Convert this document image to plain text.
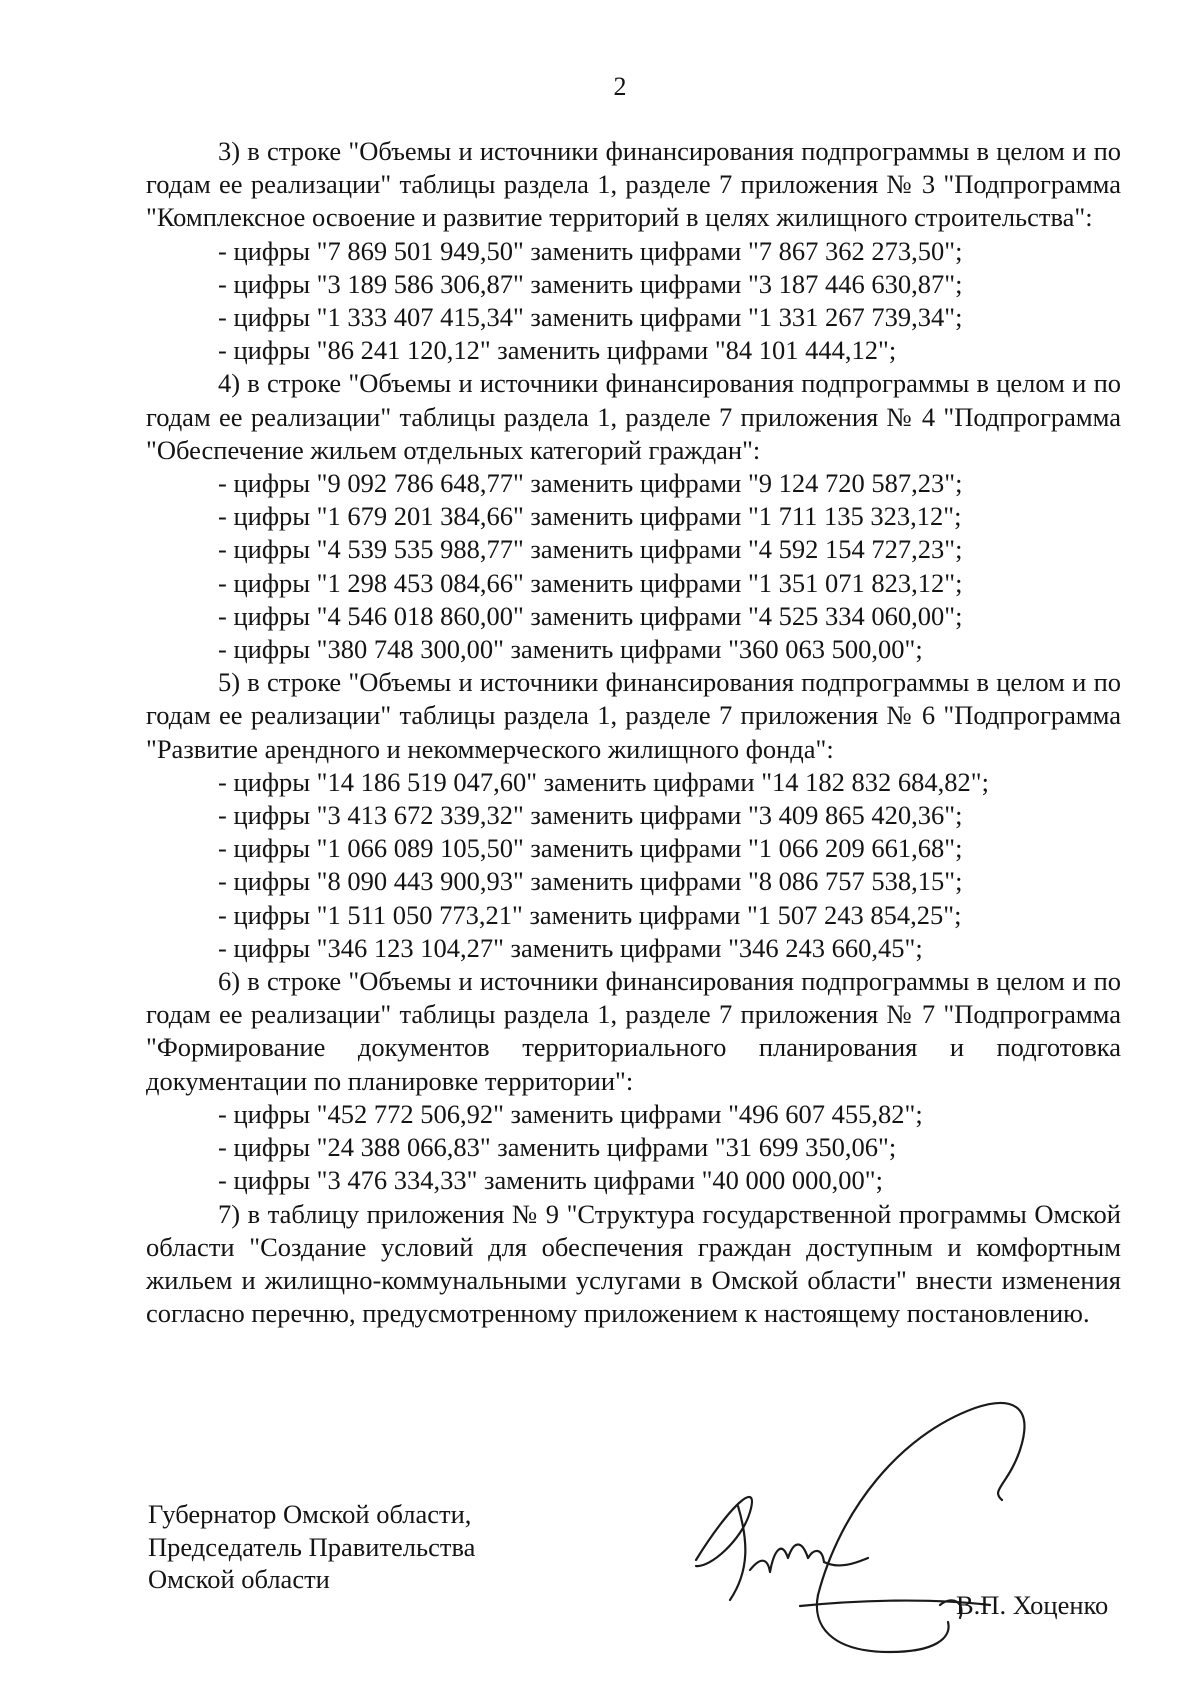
2

3) в строке "Объемы и источники финансирования подпрограммы в целом и по годам ее реализации" таблицы раздела 1, разделе 7 приложения № 3 "Подпрограмма "Комплексное освоение и развитие территорий в целях жилищного строительства":

- цифры "7 869 501 949,50" заменить цифрами "7 867 362 273,50";

- цифры "3 189 586 306,87" заменить цифрами "3 187 446 630,87";

- цифры "1 333 407 415,34" заменить цифрами "1 331 267 739,34";

- цифры "86 241 120,12" заменить цифрами "84 101 444,12";

4) в строке "Объемы и источники финансирования подпрограммы в целом и по годам ее реализации" таблицы раздела 1, разделе 7 приложения № 4 "Подпрограмма "Обеспечение жильем отдельных категорий граждан":

- цифры "9 092 786 648,77" заменить цифрами "9 124 720 587,23";

- цифры "1 679 201 384,66" заменить цифрами "1 711 135 323,12";

- цифры "4 539 535 988,77" заменить цифрами "4 592 154 727,23";

- цифры "1 298 453 084,66" заменить цифрами "1 351 071 823,12";

- цифры "4 546 018 860,00" заменить цифрами "4 525 334 060,00";

- цифры "380 748 300,00" заменить цифрами "360 063 500,00";

5) в строке "Объемы и источники финансирования подпрограммы в целом и по годам ее реализации" таблицы раздела 1, разделе 7 приложения № 6 "Подпрограмма "Развитие арендного и некоммерческого жилищного фонда":

- цифры "14 186 519 047,60" заменить цифрами "14 182 832 684,82";

- цифры "3 413 672 339,32" заменить цифрами "3 409 865 420,36";

- цифры "1 066 089 105,50" заменить цифрами "1 066 209 661,68";

- цифры "8 090 443 900,93" заменить цифрами "8 086 757 538,15";

- цифры "1 511 050 773,21" заменить цифрами "1 507 243 854,25";

- цифры "346 123 104,27" заменить цифрами "346 243 660,45";

6) в строке "Объемы и источники финансирования подпрограммы в целом и по годам ее реализации" таблицы раздела 1, разделе 7 приложения № 7 "Подпрограмма "Формирование документов территориального планирования и подготовка документации по планировке территории":

- цифры "452 772 506,92" заменить цифрами "496 607 455,82";

- цифры "24 388 066,83" заменить цифрами "31 699 350,06";

- цифры "3 476 334,33" заменить цифрами "40 000 000,00";

7) в таблицу приложения № 9 "Структура государственной программы Омской области "Создание условий для обеспечения граждан доступным и комфортным жильем и жилищно-коммунальными услугами в Омской области" внести изменения согласно перечню, предусмотренному приложением к настоящему постановлению.

Губернатор Омской области,
Председатель Правительства
Омской области
В.П. Хоценко
